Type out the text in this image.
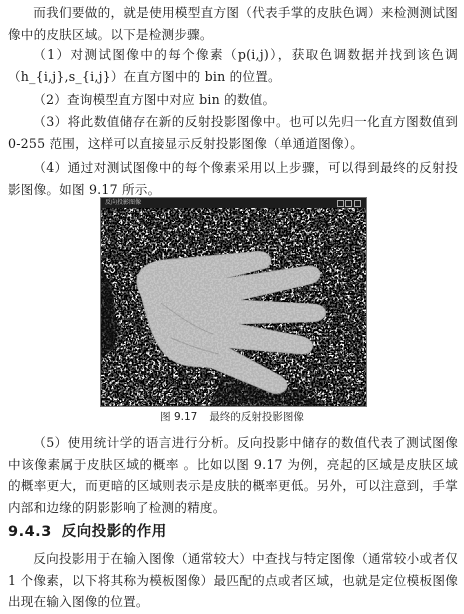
而我们要做的，就是使用模型直方图（代表手掌的皮肤色调）来检测测试图像中的皮肤区域。以下是检测步骤。
（1）对测试图像中的每个像素（p(i,j)），获取色调数据并找到该色调（h_{i,j},s_{i,j}）在直方图中的 bin 的位置。
（2）查询模型直方图中对应 bin 的数值。
（3）将此数值储存在新的反射投影图像中。也可以先归一化直方图数值到 0-255 范围，这样可以直接显示反射投影图像（单通道图像）。
（4）通过对测试图像中的每个像素采用以上步骤，可以得到最终的反射投影图像。如图 9.17 所示。
反向投影图像
图 9.17 最终的反射投影图像
（5）使用统计学的语言进行分析。反向投影中储存的数值代表了测试图像中该像素属于皮肤区域的概率 。比如以图 9.17 为例，亮起的区域是皮肤区域的概率更大，而更暗的区域则表示是皮肤的概率更低。另外，可以注意到，手掌内部和边缘的阴影影响了检测的精度。
9.4.3 反向投影的作用
反向投影用于在输入图像（通常较大）中查找与特定图像（通常较小或者仅 1 个像素，以下将其称为模板图像）最匹配的点或者区域，也就是定位模板图像出现在输入图像的位置。
